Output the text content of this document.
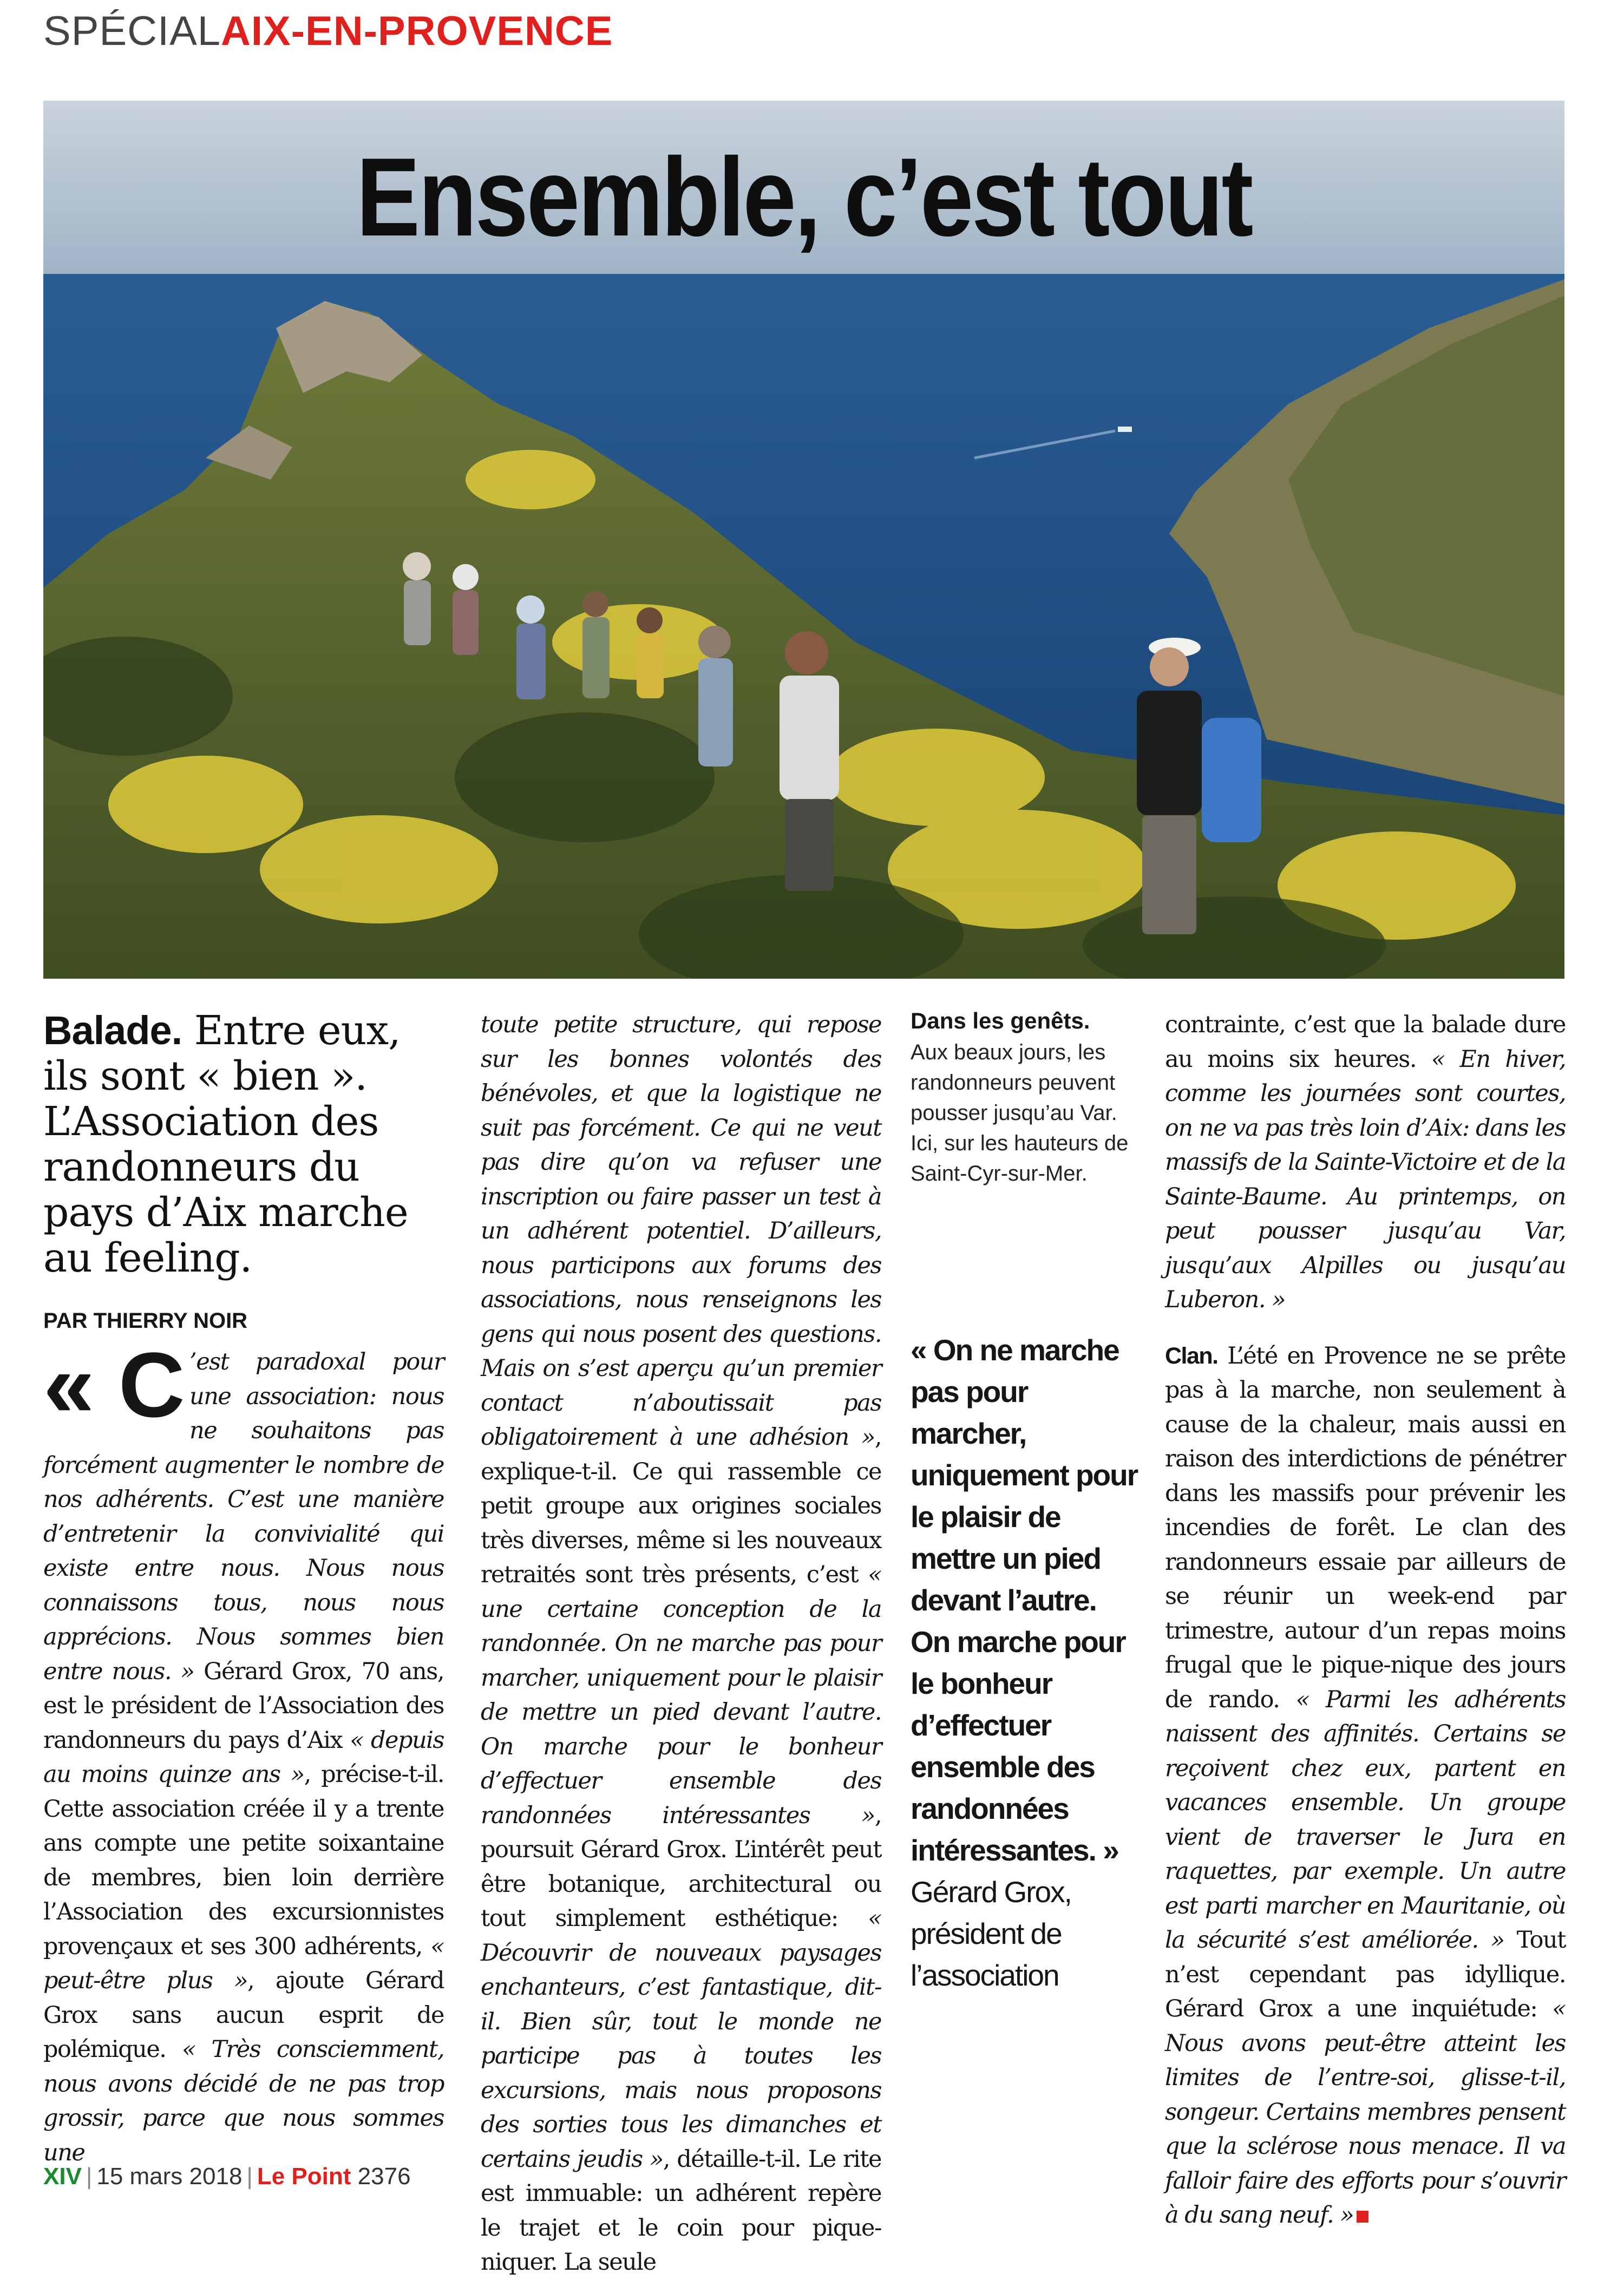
SPÉCIALAIX-EN-PROVENCE
Ensemble, c’est tout

Balade. Entre eux, ils sont « bien ». L’Association des randonneurs du pays d’Aix marche au feeling.

PAR THIERRY NOIR

« C ’est paradoxal pour une association: nous ne souhaitons pas forcément augmenter le nombre de nos adhérents. C’est une manière d’entretenir la convivialité qui existe entre nous. Nous nous connaissons tous, nous nous apprécions. Nous sommes bien entre nous. » Gérard Grox, 70 ans, est le président de l’Association des randonneurs du pays d’Aix « depuis au moins quinze ans », précise-t-il. Cette association créée il y a trente ans compte une petite soixantaine de membres, bien loin derrière l’Association des excursionnistes provençaux et ses 300 adhérents, « peut-être plus », ajoute Gérard Grox sans aucun esprit de polémique. « Très consciemment, nous avons décidé de ne pas trop grossir, parce que nous sommes une

toute petite structure, qui repose sur les bonnes volontés des bénévoles, et que la logistique ne suit pas forcément. Ce qui ne veut pas dire qu’on va refuser une inscription ou faire passer un test à un adhérent potentiel. D’ailleurs, nous participons aux forums des associations, nous renseignons les gens qui nous posent des questions. Mais on s’est aperçu qu’un premier contact n’aboutissait pas obligatoirement à une adhésion », explique-t-il. Ce qui rassemble ce petit groupe aux origines sociales très diverses, même si les nouveaux retraités sont très présents, c’est « une certaine conception de la randonnée. On ne marche pas pour marcher, uniquement pour le plaisir de mettre un pied devant l’autre. On marche pour le bonheur d’effectuer ensemble des randonnées intéressantes », poursuit Gérard Grox. L’intérêt peut être botanique, architectural ou tout simplement esthétique: « Découvrir de nouveaux paysages enchanteurs, c’est fantastique, dit-il. Bien sûr, tout le monde ne participe pas à toutes les excursions, mais nous proposons des sorties tous les dimanches et certains jeudis », détaille-t-il. Le rite est immuable: un adhérent repère le trajet et le coin pour pique-niquer. La seule

Dans les genêts.

Aux beaux jours, les randonneurs peuvent pousser jusqu’au Var. Ici, sur les hauteurs de Saint-Cyr-sur-Mer.

« On ne marche pas pour marcher, uniquement pour le plaisir de mettre un pied devant l’autre. On marche pour le bonheur d’effectuer ensemble des randonnées intéressantes. » Gérard Grox, président de l’association

contrainte, c’est que la balade dure au moins six heures. « En hiver, comme les journées sont courtes, on ne va pas très loin d’Aix: dans les massifs de la Sainte-Victoire et de la Sainte-Baume. Au printemps, on peut pousser jusqu’au Var, jusqu’aux Alpilles ou jusqu’au Luberon. »

Clan. L’été en Provence ne se prête pas à la marche, non seulement à cause de la chaleur, mais aussi en raison des interdictions de pénétrer dans les massifs pour prévenir les incendies de forêt. Le clan des randonneurs essaie par ailleurs de se réunir un week-end par trimestre, autour d’un repas moins frugal que le pique-nique des jours de rando. « Parmi les adhérents naissent des affinités. Certains se reçoivent chez eux, partent en vacances ensemble. Un groupe vient de traverser le Jura en raquettes, par exemple. Un autre est parti marcher en Mauritanie, où la sécurité s’est améliorée. » Tout n’est cependant pas idyllique. Gérard Grox a une inquiétude: « Nous avons peut-être atteint les limites de l’entre-soi, glisse-t-il, songeur. Certains membres pensent que la sclérose nous menace. Il va falloir faire des efforts pour s’ouvrir à du sang neuf. »

XIV | 15 mars 2018 | Le Point 2376
